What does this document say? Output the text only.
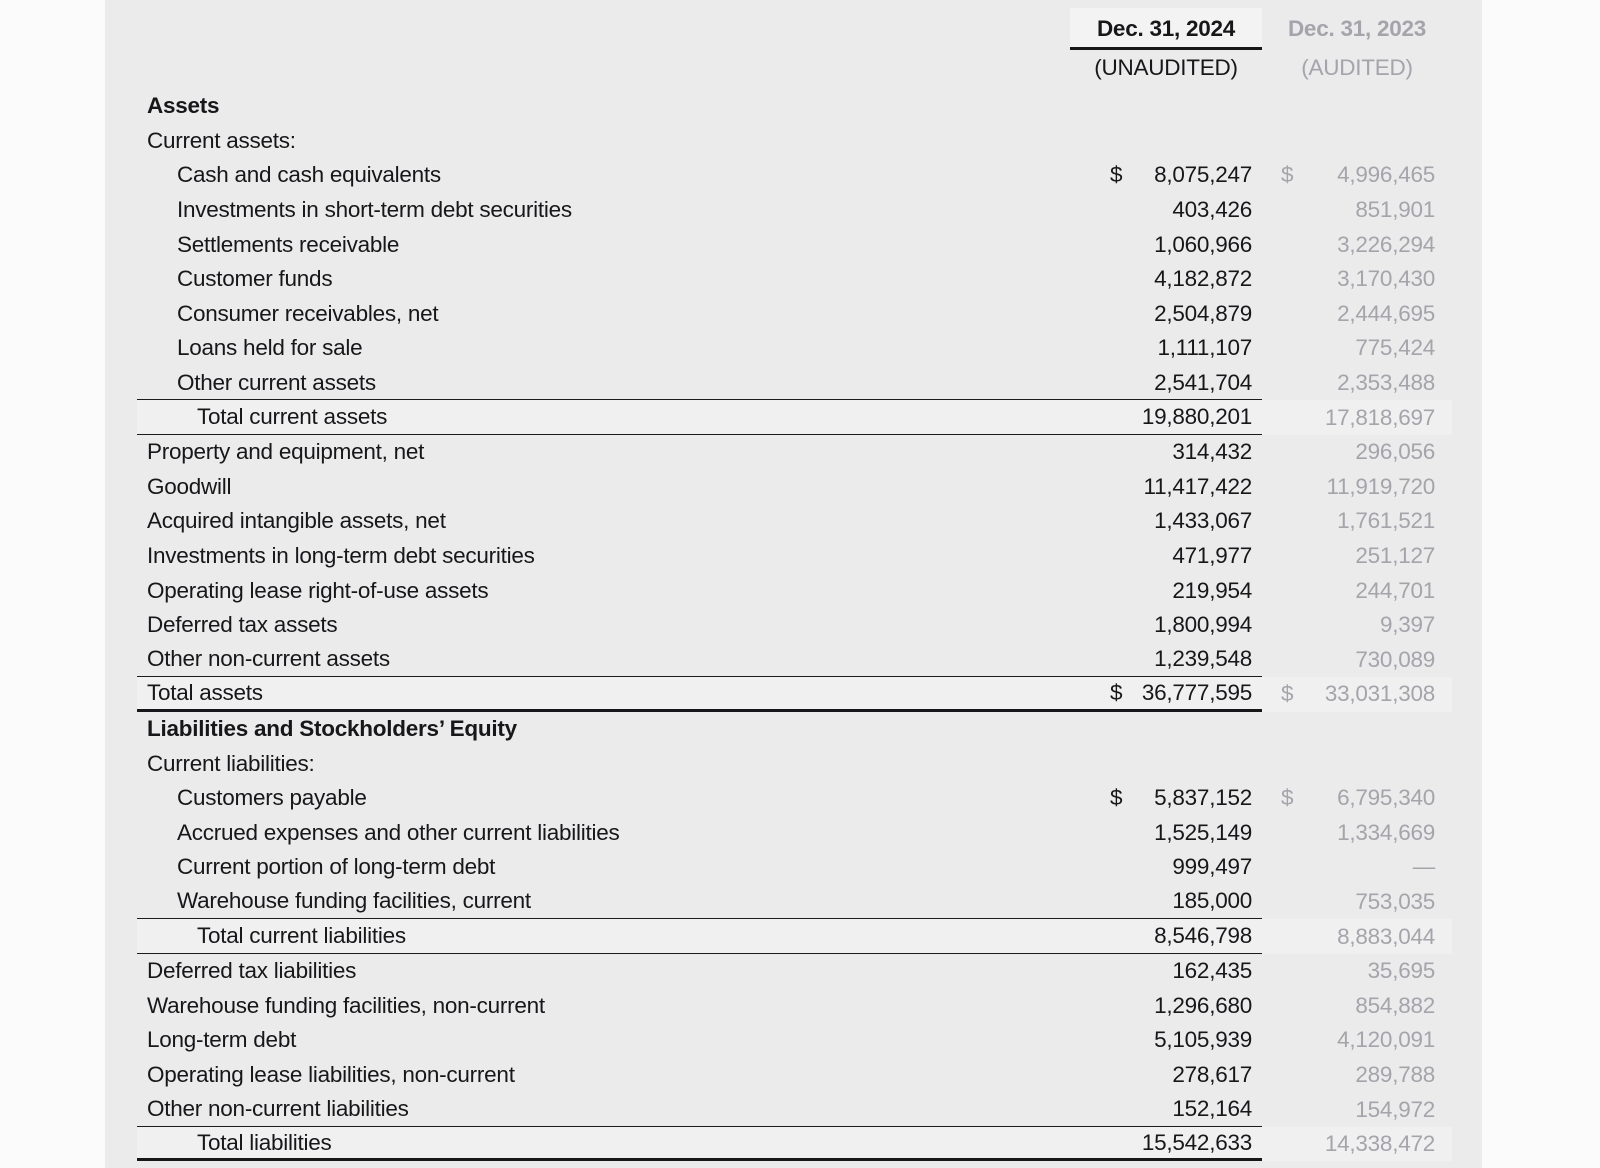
Dec. 31, 2024	Dec. 31, 2023
(UNAUDITED)	(AUDITED)
Assets
Current assets:
Cash and cash equivalents	$	8,075,247	$	4,996,465
Investments in short-term debt securities	403,426	851,901
Settlements receivable	1,060,966	3,226,294
Customer funds	4,182,872	3,170,430
Consumer receivables, net	2,504,879	2,444,695
Loans held for sale	1,111,107	775,424
Other current assets	2,541,704	2,353,488
Total current assets	19,880,201	17,818,697
Property and equipment, net	314,432	296,056
Goodwill	11,417,422	11,919,720
Acquired intangible assets, net	1,433,067	1,761,521
Investments in long-term debt securities	471,977	251,127
Operating lease right-of-use assets	219,954	244,701
Deferred tax assets	1,800,994	9,397
Other non-current assets	1,239,548	730,089
Total assets	$ 36,777,595	$	33,031,308
Liabilities and Stockholders’ Equity
Current liabilities:
Customers payable	$	5,837,152	$	6,795,340
Accrued expenses and other current liabilities	1,525,149	1,334,669
Current portion of long-term debt	999,497	—
Warehouse funding facilities, current	185,000	753,035
Total current liabilities	8,546,798	8,883,044
Deferred tax liabilities	162,435	35,695
Warehouse funding facilities, non-current	1,296,680	854,882
Long-term debt	5,105,939	4,120,091
Operating lease liabilities, non-current	278,617	289,788
Other non-current liabilities	152,164	154,972
Total liabilities	15,542,633	14,338,472
